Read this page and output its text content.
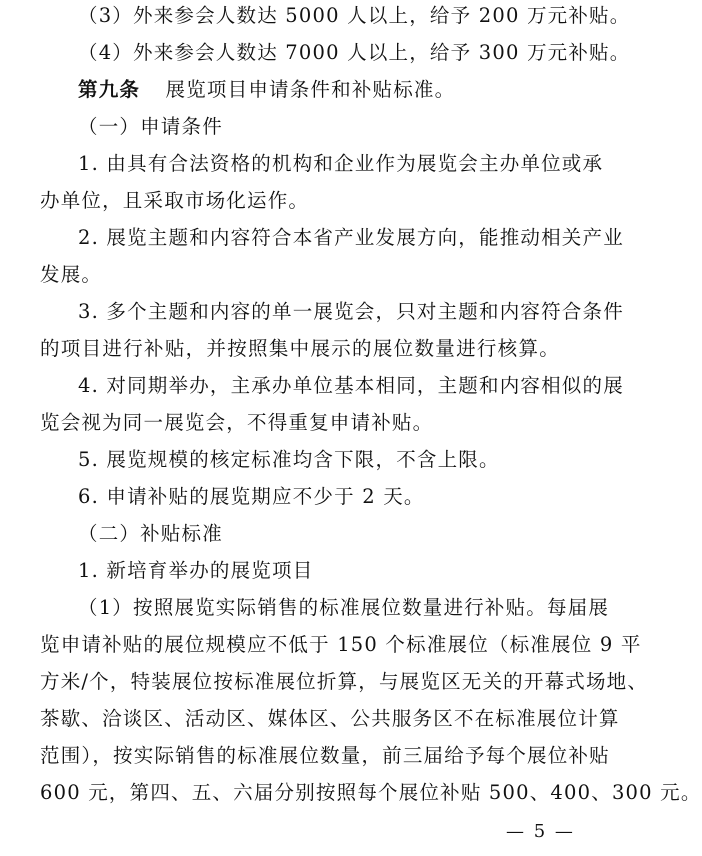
（3）外来参会人数达 5000 人以上，给予 200 万元补贴。
（4）外来参会人数达 7000 人以上，给予 300 万元补贴。
第九条 展览项目申请条件和补贴标准。
（一）申请条件
1. 由具有合法资格的机构和企业作为展览会主办单位或承
办单位，且采取市场化运作。
2. 展览主题和内容符合本省产业发展方向，能推动相关产业
发展。
3. 多个主题和内容的单一展览会，只对主题和内容符合条件
的项目进行补贴，并按照集中展示的展位数量进行核算。
4. 对同期举办，主承办单位基本相同，主题和内容相似的展
览会视为同一展览会，不得重复申请补贴。
5. 展览规模的核定标准均含下限，不含上限。
6. 申请补贴的展览期应不少于 2 天。
（二）补贴标准
1. 新培育举办的展览项目
（1）按照展览实际销售的标准展位数量进行补贴。每届展
览申请补贴的展位规模应不低于 150 个标准展位（标准展位 9 平
方米/个，特装展位按标准展位折算，与展览区无关的开幕式场地、
茶歇、洽谈区、活动区、媒体区、公共服务区不在标准展位计算
范围），按实际销售的标准展位数量，前三届给予每个展位补贴
600 元，第四、五、六届分别按照每个展位补贴 500、400、300 元。
— 5 —
